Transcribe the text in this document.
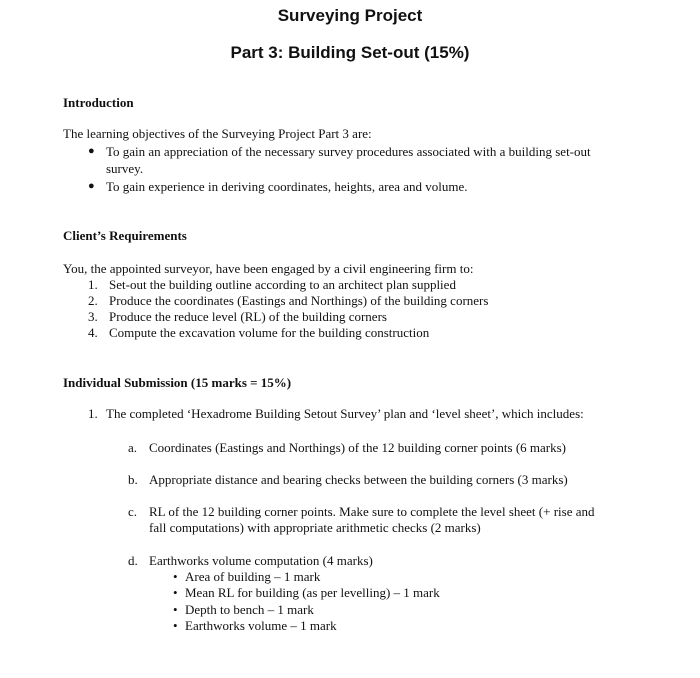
Surveying Project
Part 3: Building Set-out (15%)
Introduction
The learning objectives of the Surveying Project Part 3 are:
● To gain an appreciation of the necessary survey procedures associated with a building set-out
survey.
● To gain experience in deriving coordinates, heights, area and volume.
Client’s Requirements
You, the appointed surveyor, have been engaged by a civil engineering firm to:
1. Set-out the building outline according to an architect plan supplied
2. Produce the coordinates (Eastings and Northings) of the building corners
3. Produce the reduce level (RL) of the building corners
4. Compute the excavation volume for the building construction
Individual Submission (15 marks = 15%)
1. The completed ‘Hexadrome Building Setout Survey’ plan and ‘level sheet’, which includes:
a. Coordinates (Eastings and Northings) of the 12 building corner points (6 marks)
b. Appropriate distance and bearing checks between the building corners (3 marks)
c. RL of the 12 building corner points. Make sure to complete the level sheet (+ rise and
fall computations) with appropriate arithmetic checks (2 marks)
d. Earthworks volume computation (4 marks)
• Area of building – 1 mark
• Mean RL for building (as per levelling) – 1 mark
• Depth to bench – 1 mark
• Earthworks volume – 1 mark
